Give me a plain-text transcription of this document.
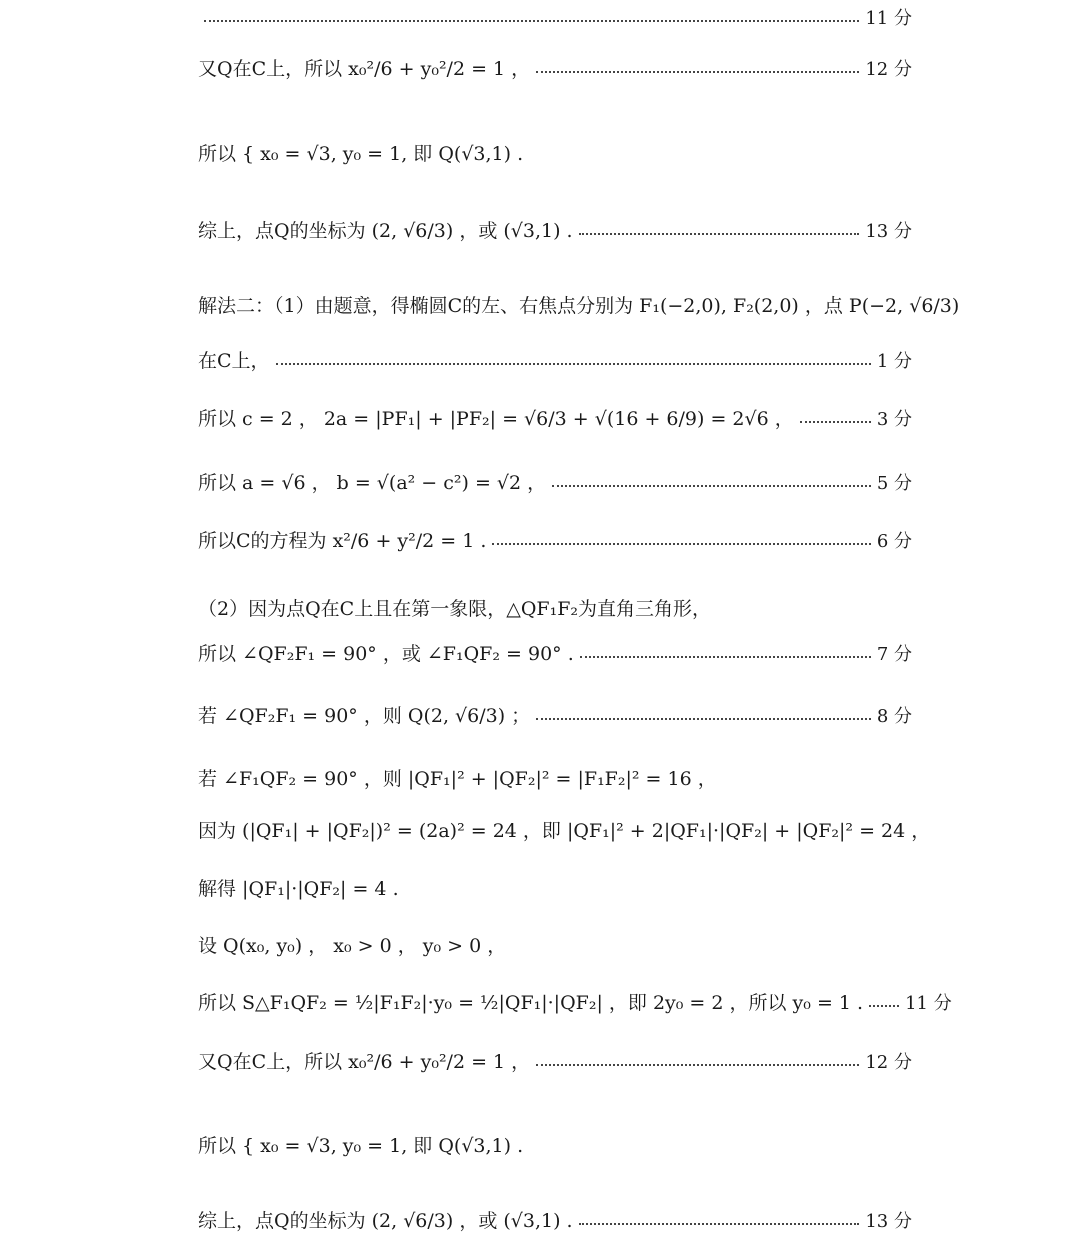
11 分
又Q在C上，所以 x₀²/6 + y₀²/2 = 1 ，	12 分
所以 { x₀ = √3, y₀ = 1, 即 Q(√3,1) .
综上，点Q的坐标为 (2, √6/3) ，或 (√3,1) .	13 分
解法二：（1）由题意，得椭圆C的左、右焦点分别为 F₁(−2,0), F₂(2,0) ，点 P(−2, √6/3)
在C上，	1 分
所以 c = 2 ， 2a = |PF₁| + |PF₂| = √6/3 + √(16 + 6/9) = 2√6 ，	3 分
所以 a = √6 ， b = √(a² − c²) = √2 ，	5 分
所以C的方程为 x²/6 + y²/2 = 1 .	6 分
（2）因为点Q在C上且在第一象限，△QF₁F₂为直角三角形，
所以 ∠QF₂F₁ = 90° ，或 ∠F₁QF₂ = 90° .	7 分
若 ∠QF₂F₁ = 90° ，则 Q(2, √6/3) ；	8 分
若 ∠F₁QF₂ = 90° ，则 |QF₁|² + |QF₂|² = |F₁F₂|² = 16 ，
因为 (|QF₁| + |QF₂|)² = (2a)² = 24 ，即 |QF₁|² + 2|QF₁|·|QF₂| + |QF₂|² = 24 ，
解得 |QF₁|·|QF₂| = 4 .
设 Q(x₀, y₀) ， x₀ > 0 ， y₀ > 0 ，
所以 S△F₁QF₂ = ½|F₁F₂|·y₀ = ½|QF₁|·|QF₂| ，即 2y₀ = 2 ，所以 y₀ = 1 . 11 分
又Q在C上，所以 x₀²/6 + y₀²/2 = 1 ，	12 分
所以 { x₀ = √3, y₀ = 1, 即 Q(√3,1) .
综上，点Q的坐标为 (2, √6/3) ，或 (√3,1) .	13 分
